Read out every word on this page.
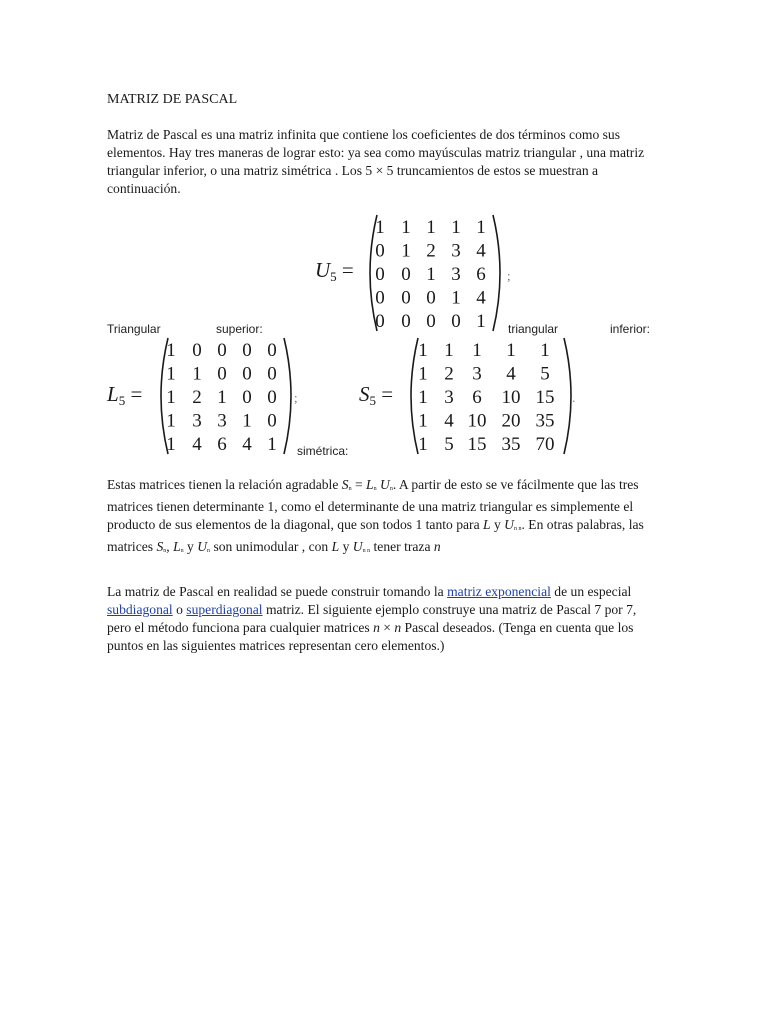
MATRIZ DE PASCAL
Matriz de Pascal es una matriz infinita que contiene los coeficientes de dos términos como sus elementos. Hay tres maneras de lograr esto: ya sea como mayúsculas matriz triangular , una matriz triangular inferior, o una matriz simétrica . Los 5 × 5 truncamientos de estos se muestran a continuación.
U5 =
1 1 1 1 1
0 1 2 3 4
0 0 1 3 6
0 0 0 1 4
0 0 0 0 1
;
Triangular	superior:	triangular	inferior:
L5 =
1 0 0 0 0
1 1 0 0 0
1 2 1 0 0
1 3 3 1 0
1 4 6 4 1
;
simétrica:
S5 =
1 1 1 1 1
1 2 3 4 5
1 3 6 10 15
1 4 10 20 35
1 5 15 35 70
.
Estas matrices tienen la relación agradable Sn = Ln Un. A partir de esto se ve fácilmente que las tres matrices tienen determinante 1, como el determinante de una matriz triangular es simplemente el producto de sus elementos de la diagonal, que son todos 1 tanto para L y Un n. En otras palabras, las matrices Sn, Ln y Un son unimodular , con L y Un n tener traza n
La matriz de Pascal en realidad se puede construir tomando la matriz exponencial de un especial subdiagonal o superdiagonal matriz. El siguiente ejemplo construye una matriz de Pascal 7 por 7, pero el método funciona para cualquier matrices n × n Pascal deseados. (Tenga en cuenta que los puntos en las siguientes matrices representan cero elementos.)
